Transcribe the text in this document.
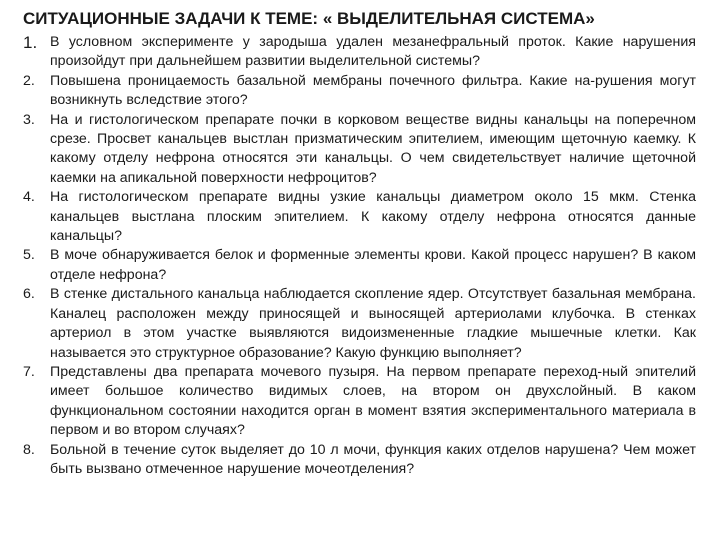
СИТУАЦИОННЫЕ ЗАДАЧИ К ТЕМЕ: « ВЫДЕЛИТЕЛЬНАЯ СИСТЕМА»
1. В условном эксперименте у зародыша удален мезанефральный проток. Какие нарушения произойдут при дальнейшем развитии выделительной системы?
2.	Повышена проницаемость базальной мембраны почечного фильтра. Какие на-рушения могут возникнуть вследствие этого?
3.	На и гистологическом препарате почки в корковом веществе видны канальцы на поперечном срезе. Просвет канальцев выстлан призматическим эпителием, имеющим щеточную каемку. К какому отделу нефрона относятся эти канальцы. О чем свидетельствует наличие щеточной каемки на апикальной поверхности нефроцитов?
4.	На гистологическом препарате видны узкие канальцы диаметром около 15 мкм. Стенка канальцев выстлана плоским эпителием. К какому отделу нефрона относятся данные канальцы?
5.	В моче обнаруживается белок и форменные элементы крови. Какой процесс нарушен? В каком отделе нефрона?
6.	В стенке дистального канальца наблюдается скопление ядер. Отсутствует базальная мембрана. Каналец расположен между приносящей и выносящей артериолами клубочка. В стенках артериол в этом участке выявляются видоизмененные гладкие мышечные клетки. Как называется это структурное образование? Какую функцию выполняет?
7.	Представлены два препарата мочевого пузыря. На первом препарате переход-ный эпителий имеет большое количество видимых слоев, на втором он двухслойный. В каком функциональном состоянии находится орган в момент взятия экспериментального материала в первом и во втором случаях?
8.	Больной в течение суток выделяет до 10 л мочи, функция каких отделов нарушена? Чем может быть вызвано отмеченное нарушение мочеотделения?
